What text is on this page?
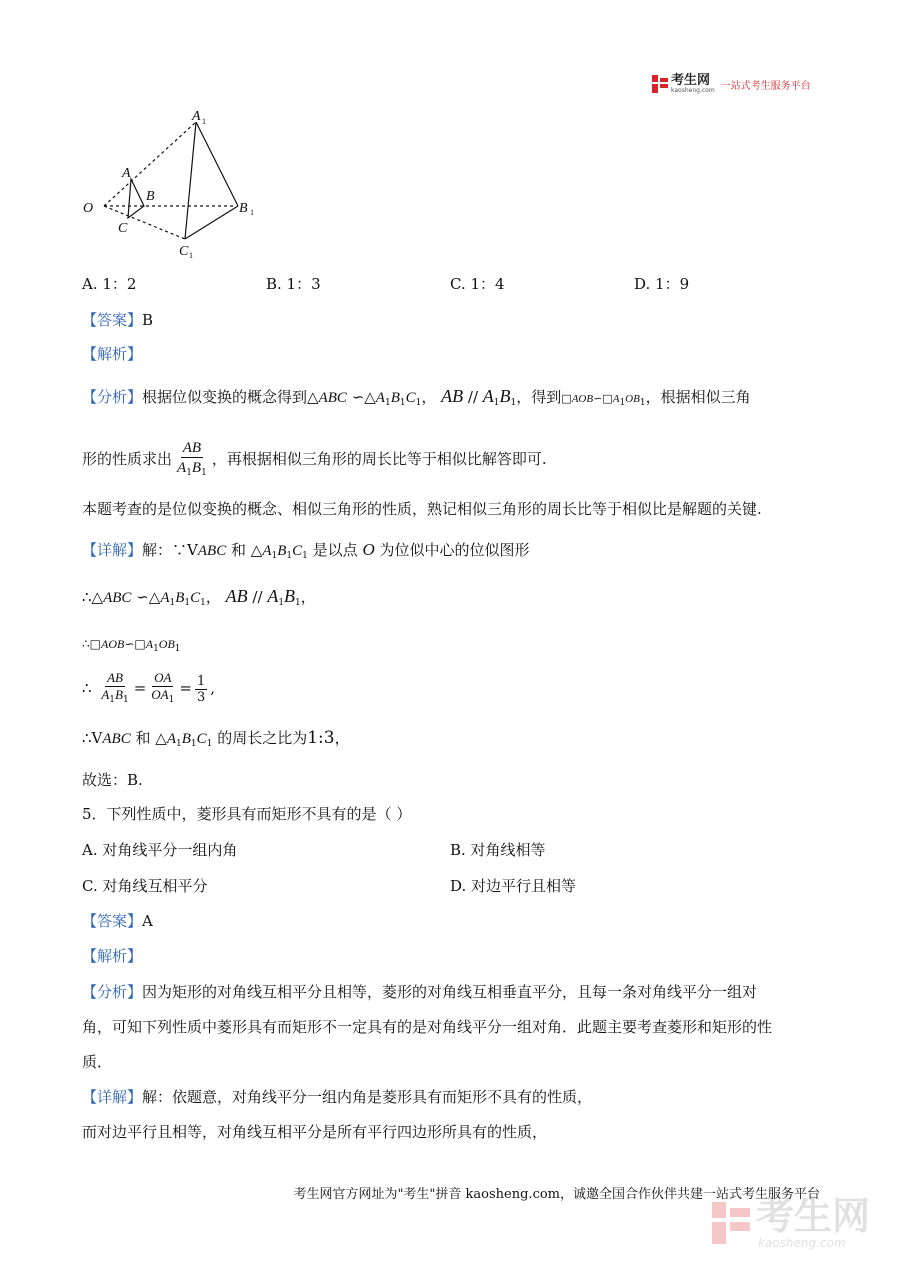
考生网
kaosheng.com 一站式考生服务平台
O
A
B
C
A
B
C
1
1
1
A. 1：2	B. 1：3	C. 1：4	D. 1：9
【答案】B
【解析】
【分析】根据位似变换的概念得到△ABC $∽\triangle A_1B_1C_1$， AB // $A_1B_1$，得到$□AOB∽□A_1OB_1$，根据相似三角
形的性质求出 $\frac{AB}{A_1B_1}$ ，再根据相似三角形的周长比等于相似比解答即可.
本题考查的是位似变换的概念、相似三角形的性质，熟记相似三角形的周长比等于相似比是解题的关键.
【详解】解：∵VABC 和 $\triangle A_1B_1C_1$ 是以点 O 为位似中心的位似图形
∴△ABC $∽\triangle A_1B_1C_1$， AB // $A_1B_1$，
$\therefore□AOB∽□A_1OB_1$
∴ $\frac{AB}{A_1B_1} = \frac{OA}{OA_1} = \frac{1}{3}$ ,
∴VABC 和 $\triangle A_1B_1C_1$ 的周长之比为1:3，
故选：B.
5．下列性质中，菱形具有而矩形不具有的是（ ）
A. 对角线平分一组内角	B. 对角线相等
C. 对角线互相平分	D. 对边平行且相等
【答案】A
【解析】
【分析】因为矩形的对角线互相平分且相等，菱形的对角线互相垂直平分，且每一条对角线平分一组对
角，可知下列性质中菱形具有而矩形不一定具有的是对角线平分一组对角．此题主要考查菱形和矩形的性
质．
【详解】解：依题意，对角线平分一组内角是菱形具有而矩形不具有的性质，
而对边平行且相等，对角线互相平分是所有平行四边形所具有的性质，
考生网官方网址为"考生"拼音 kaosheng.com，诚邀全国合作伙伴共建一站式考生服务平台
考生网
kaosheng.com
